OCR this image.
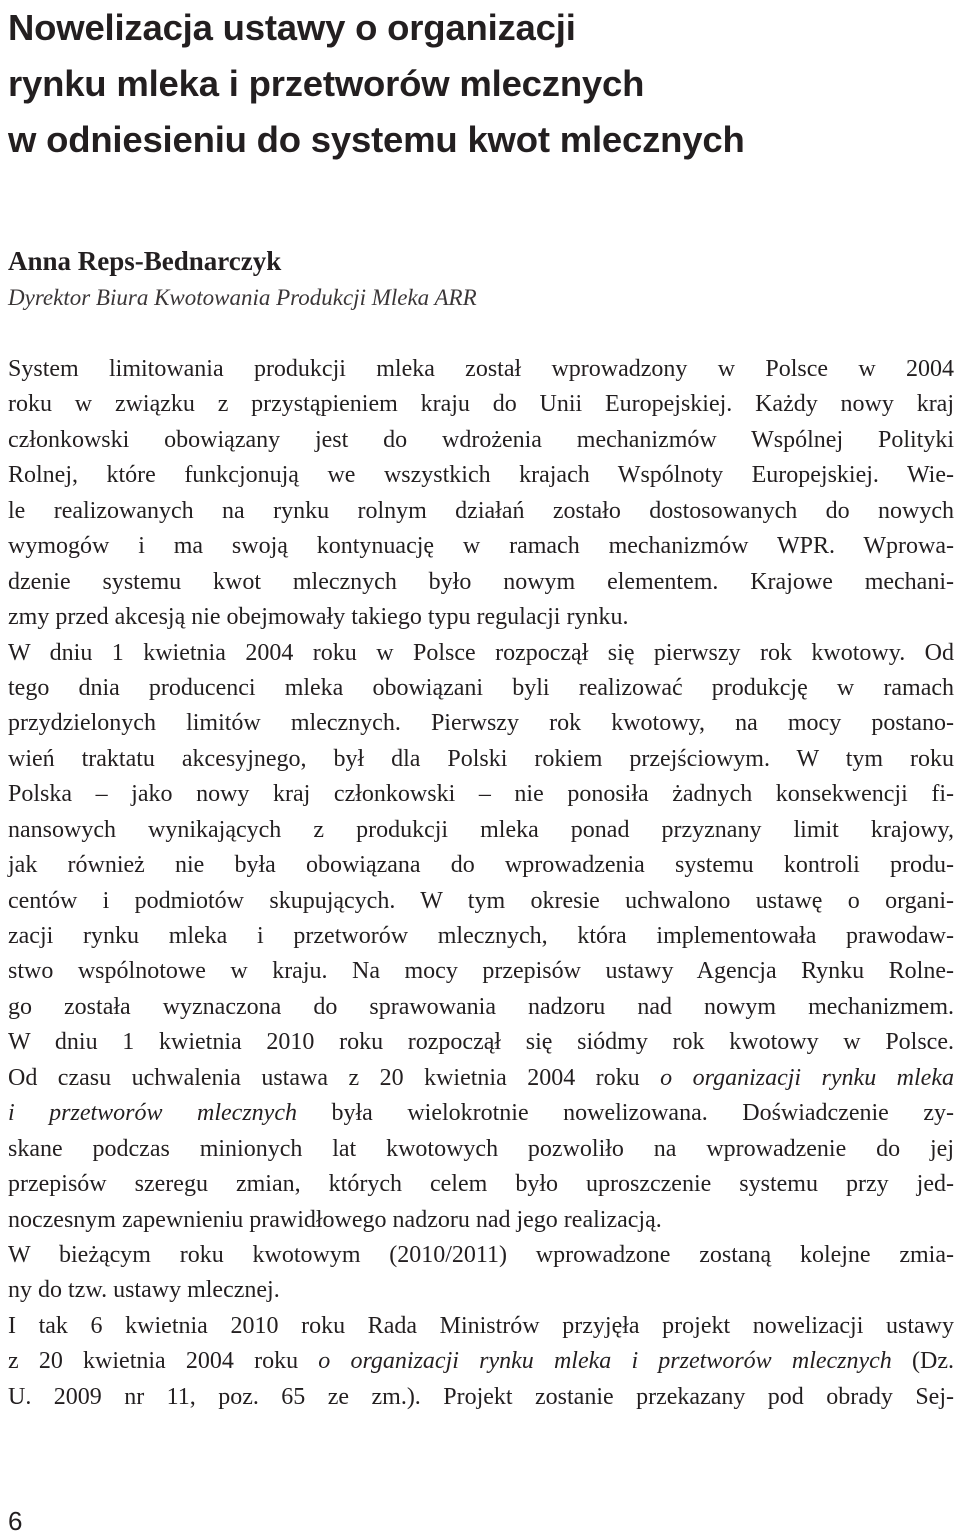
Nowelizacja ustawy o organizacji
rynku mleka i przetworów mlecznych
w odniesieniu do systemu kwot mlecznych

Anna Reps-Bednarczyk

Dyrektor Biura Kwotowania Produkcji Mleka ARR

System limitowania produkcji mleka został wprowadzony w Polsce w 2004
roku w związku z przystąpieniem kraju do Unii Europejskiej. Każdy nowy kraj
członkowski obowiązany jest do wdrożenia mechanizmów Wspólnej Polityki
Rolnej, które funkcjonują we wszystkich krajach Wspólnoty Europejskiej. Wie-
le realizowanych na rynku rolnym działań zostało dostosowanych do nowych
wymogów i ma swoją kontynuację w ramach mechanizmów WPR. Wprowa-
dzenie systemu kwot mlecznych było nowym elementem. Krajowe mechani-
zmy przed akcesją nie obejmowały takiego typu regulacji rynku.
W dniu 1 kwietnia 2004 roku w Polsce rozpoczął się pierwszy rok kwotowy. Od
tego dnia producenci mleka obowiązani byli realizować produkcję w ramach
przydzielonych limitów mlecznych. Pierwszy rok kwotowy, na mocy postano-
wień traktatu akcesyjnego, był dla Polski rokiem przejściowym. W tym roku
Polska – jako nowy kraj członkowski – nie ponosiła żadnych konsekwencji fi-
nansowych wynikających z produkcji mleka ponad przyznany limit krajowy,
jak również nie była obowiązana do wprowadzenia systemu kontroli produ-
centów i podmiotów skupujących. W tym okresie uchwalono ustawę o organi-
zacji rynku mleka i przetworów mlecznych, która implementowała prawodaw-
stwo wspólnotowe w kraju. Na mocy przepisów ustawy Agencja Rynku Rolne-
go została wyznaczona do sprawowania nadzoru nad nowym mechanizmem.
W dniu 1 kwietnia 2010 roku rozpoczął się siódmy rok kwotowy w Polsce.
Od czasu uchwalenia ustawa z 20 kwietnia 2004 roku o organizacji rynku mleka
i przetworów mlecznych była wielokrotnie nowelizowana. Doświadczenie zy-
skane podczas minionych lat kwotowych pozwoliło na wprowadzenie do jej
przepisów szeregu zmian, których celem było uproszczenie systemu przy jed-
noczesnym zapewnieniu prawidłowego nadzoru nad jego realizacją.
W bieżącym roku kwotowym (2010/2011) wprowadzone zostaną kolejne zmia-
ny do tzw. ustawy mlecznej.
I tak 6 kwietnia 2010 roku Rada Ministrów przyjęła projekt nowelizacji ustawy
z 20 kwietnia 2004 roku o organizacji rynku mleka i przetworów mlecznych (Dz.
U. 2009 nr 11, poz. 65 ze zm.). Projekt zostanie przekazany pod obrady Sej-

6
